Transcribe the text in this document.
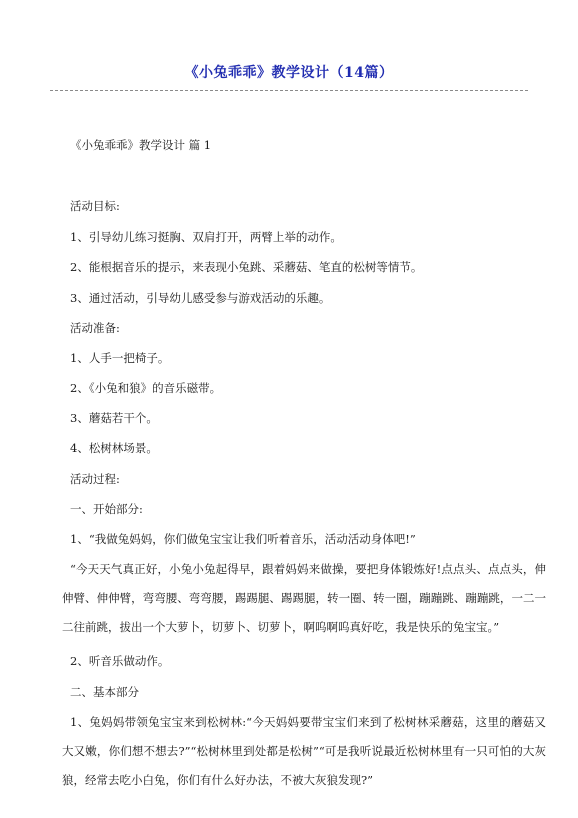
《小兔乖乖》教学设计（14篇）
《小兔乖乖》教学设计 篇 1
活动目标:
1、引导幼儿练习挺胸、双肩打开，两臂上举的动作。
2、能根据音乐的提示，来表现小兔跳、采蘑菇、笔直的松树等情节。
3、通过活动，引导幼儿感受参与游戏活动的乐趣。
活动准备:
1、人手一把椅子。
2、《小兔和狼》的音乐磁带。
3、蘑菇若干个。
4、松树林场景。
活动过程:
一、开始部分:
1、“我做兔妈妈，你们做兔宝宝让我们听着音乐，活动活动身体吧!”
“今天天气真正好，小兔小兔起得早，跟着妈妈来做操，要把身体锻炼好!点点头、点点头，伸伸臂、伸伸臂，弯弯腰、弯弯腰，踢踢腿、踢踢腿，转一圈、转一圈，蹦蹦跳、蹦蹦跳，一二一二往前跳，拔出一个大萝卜，切萝卜、切萝卜，啊呜啊呜真好吃，我是快乐的兔宝宝。”
2、听音乐做动作。
二、基本部分
1、兔妈妈带领兔宝宝来到松树林:“今天妈妈要带宝宝们来到了松树林采蘑菇，这里的蘑菇又大又嫩，你们想不想去?”“松树林里到处都是松树”“可是我听说最近松树林里有一只可怕的大灰狼，经常去吃小白兔，你们有什么好办法，不被大灰狼发现?”
